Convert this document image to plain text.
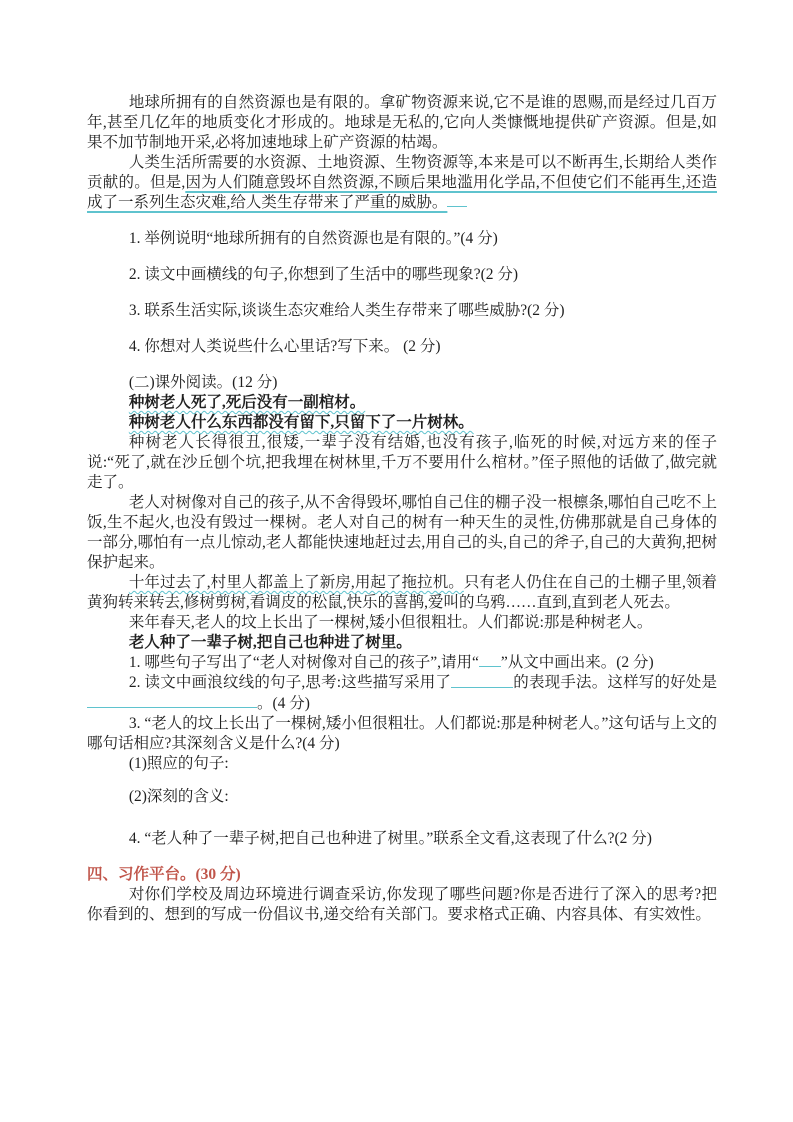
地球所拥有的自然资源也是有限的。拿矿物资源来说,它不是谁的恩赐,而是经过几百万年,甚至几亿年的地质变化才形成的。地球是无私的,它向人类慷慨地提供矿产资源。但是,如果不加节制地开采,必将加速地球上矿产资源的枯竭。
人类生活所需要的水资源、土地资源、生物资源等,本来是可以不断再生,长期给人类作贡献的。但是,因为人们随意毁坏自然资源,不顾后果地滥用化学品,不但使它们不能再生,还造成了一系列生态灾难,给人类生存带来了严重的威胁。
1. 举例说明“地球所拥有的自然资源也是有限的。”(4 分)
2. 读文中画横线的句子,你想到了生活中的哪些现象?(2 分)
3. 联系生活实际,谈谈生态灾难给人类生存带来了哪些威胁?(2 分)
4. 你想对人类说些什么心里话?写下来。 (2 分)
(二)课外阅读。(12 分)
种树老人死了,死后没有一副棺材。
种树老人什么东西都没有留下,只留下了一片树林。
种树老人长得很丑,很矮,一辈子没有结婚,也没有孩子,临死的时候,对远方来的侄子说:“死了,就在沙丘刨个坑,把我埋在树林里,千万不要用什么棺材。”侄子照他的话做了,做完就走了。
老人对树像对自己的孩子,从不舍得毁坏,哪怕自己住的棚子没一根檩条,哪怕自己吃不上饭,生不起火,也没有毁过一棵树。老人对自己的树有一种天生的灵性,仿佛那就是自己身体的一部分,哪怕有一点儿惊动,老人都能快速地赶过去,用自己的头,自己的斧子,自己的大黄狗,把树保护起来。
十年过去了,村里人都盖上了新房,用起了拖拉机。只有老人仍住在自己的土棚子里,领着黄狗转来转去,修树剪树,看调皮的松鼠,快乐的喜鹊,爱叫的乌鸦……直到,直到老人死去。
来年春天,老人的坟上长出了一棵树,矮小但很粗壮。人们都说:那是种树老人。
老人种了一辈子树,把自己也种进了树里。
1. 哪些句子写出了“老人对树像对自己的孩子”,请用“ ”从文中画出来。(2 分)
2. 读文中画浪纹线的句子,思考:这些描写采用了	的表现手法。这样写的好处是。(4 分)
3. “老人的坟上长出了一棵树,矮小但很粗壮。人们都说:那是种树老人。”这句话与上文的哪句话相应?其深刻含义是什么?(4 分)
(1)照应的句子:
(2)深刻的含义:
4. “老人种了一辈子树,把自己也种进了树里。”联系全文看,这表现了什么?(2 分)
四、习作平台。(30 分)
对你们学校及周边环境进行调查采访,你发现了哪些问题?你是否进行了深入的思考?把你看到的、想到的写成一份倡议书,递交给有关部门。要求格式正确、内容具体、有实效性。
